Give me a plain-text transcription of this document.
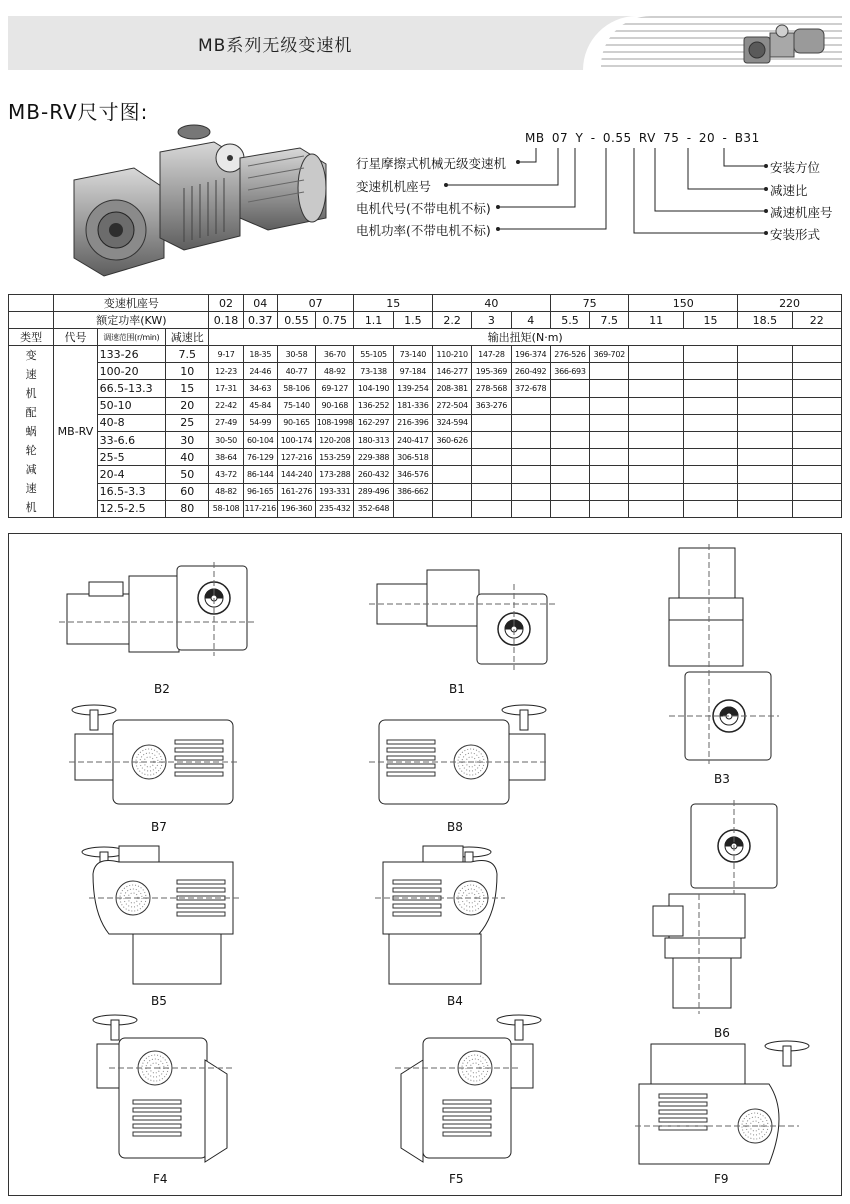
MB系列无级变速机
MB-RV尺寸图:
MB 07 Y - 0.55 RV 75 - 20 - B31
行星摩擦式机械无级变速机
变速机机座号
电机代号(不带电机不标)
电机功率(不带电机不标)
安装方位
减速比
减速机座号
安装形式
	变速机座号			02	04	07		15		40			75		150		220	
	额定功率(KW)			0.18	0.37	0.55	0.75	1.1	1.5	2.2	3	4	5.5	7.5	11	15	18.5	22
类型	代号	调速范围(r/min)	减速比	输出扭矩(N·m)														
变速机配蜗轮减速机	MB-RV	133-26	7.5	9-17	18-35	30-58	36-70	55-105	73-140	110-210	147-28	196-374	276-526	369-702				
		100-20	10	12-23	24-46	40-77	48-92	73-138	97-184	146-277	195-369	260-492	366-693					
		66.5-13.3	15	17-31	34-63	58-106	69-127	104-190	139-254	208-381	278-568	372-678						
		50-10	20	22-42	45-84	75-140	90-168	136-252	181-336	272-504	363-276							
		40-8	25	27-49	54-99	90-165	108-1998	162-297	216-396	324-594								
		33-6.6	30	30-50	60-104	100-174	120-208	180-313	240-417	360-626								
		25-5	40	38-64	76-129	127-216	153-259	229-388	306-518									
		20-4	50	43-72	86-144	144-240	173-288	260-432	346-576									
		16.5-3.3	60	48-82	96-165	161-276	193-331	289-496	386-662									
		12.5-2.5	80	58-108	117-216	196-360	235-432	352-648										
B2	B1
B3
B7	B8
B5	B4
B6
F4	F5	F9
